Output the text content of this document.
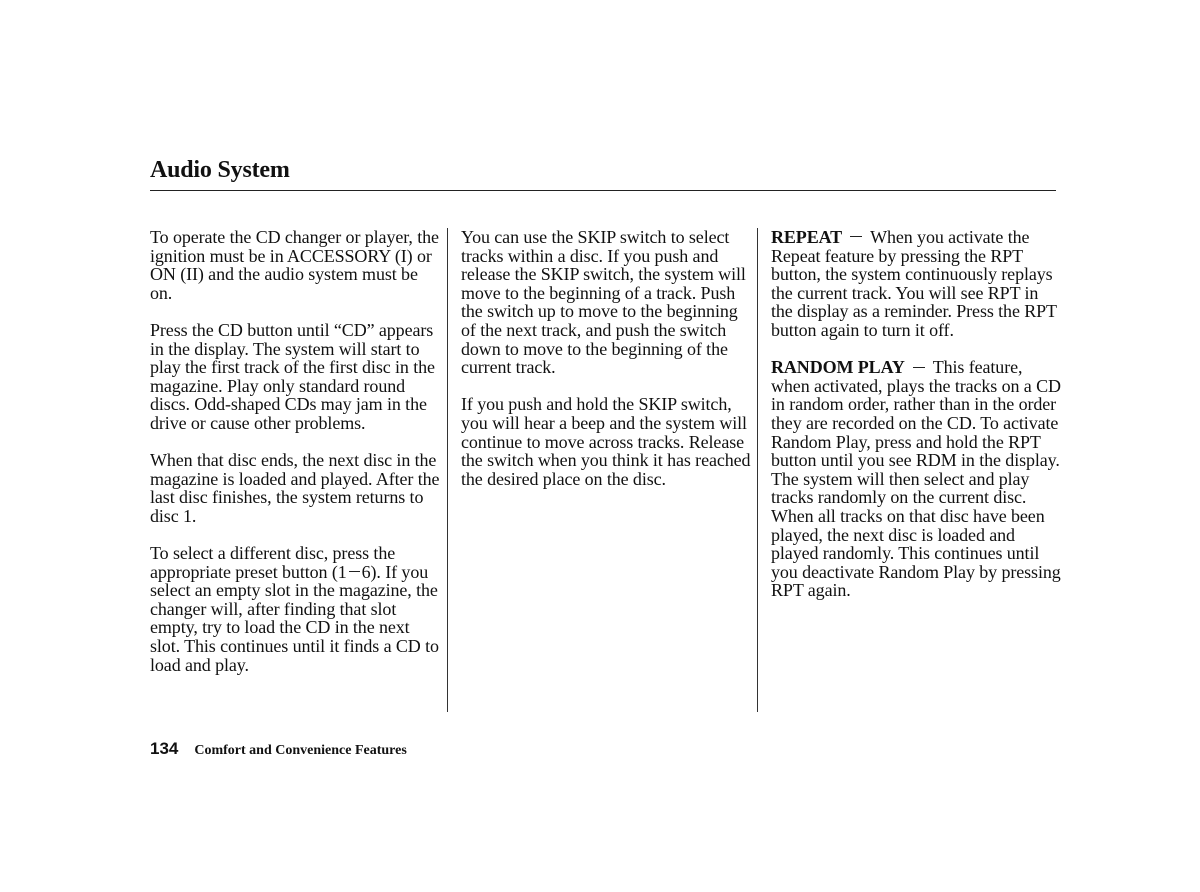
Audio System

To operate the CD changer or player, the ignition must be in ACCESSORY (I) or ON (II) and the audio system must be on.

Press the CD button until “CD” appears in the display. The system will start to play the first track of the first disc in the magazine. Play only standard round discs. Odd-shaped CDs may jam in the drive or cause other problems.

When that disc ends, the next disc in the magazine is loaded and played. After the last disc finishes, the system returns to disc 1.

To select a different disc, press the appropriate preset button (1 6). If you select an empty slot in the magazine, the changer will, after finding that slot empty, try to load the CD in the next slot. This continues until it finds a CD to load and play.

You can use the SKIP switch to select tracks within a disc. If you push and release the SKIP switch, the system will move to the beginning of a track. Push the switch up to move to the beginning of the next track, and push the switch down to move to the beginning of the current track.

If you push and hold the SKIP switch, you will hear a beep and the system will continue to move across tracks. Release the switch when you think it has reached the desired place on the disc.

REPEAT When you activate the Repeat feature by pressing the RPT button, the system continuously replays the current track. You will see RPT in the display as a reminder. Press the RPT button again to turn it off.

RANDOM PLAY This feature, when activated, plays the tracks on a CD in random order, rather than in the order they are recorded on the CD. To activate Random Play, press and hold the RPT button until you see RDM in the display. The system will then select and play tracks randomly on the current disc. When all tracks on that disc have been played, the next disc is loaded and played randomly. This continues until you deactivate Random Play by pressing RPT again.

134 Comfort and Convenience Features
